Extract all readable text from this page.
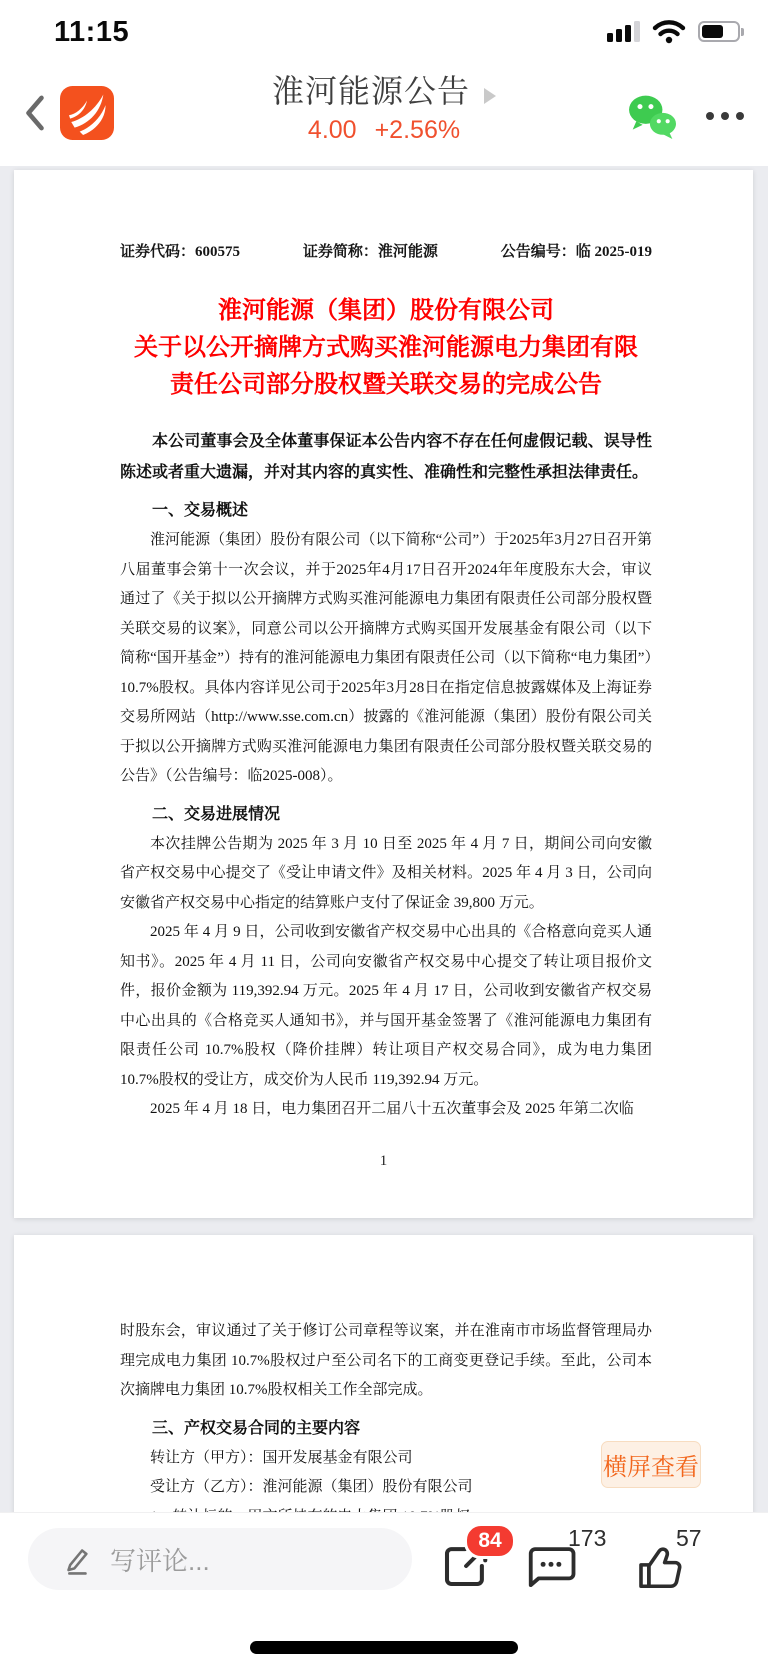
11:15
淮河能源公告
4.00 +2.56%
证券代码：600575	证券简称：淮河能源	公告编号：临 2025-019
淮河能源（集团）股份有限公司
关于以公开摘牌方式购买淮河能源电力集团有限
责任公司部分股权暨关联交易的完成公告

本公司董事会及全体董事保证本公告内容不存在任何虚假记载、误导性陈述或者重大遗漏，并对其内容的真实性、准确性和完整性承担法律责任。

一、交易概述

淮河能源（集团）股份有限公司（以下简称“公司”）于2025年3月27日召开第八届董事会第十一次会议，并于2025年4月17日召开2024年年度股东大会，审议通过了《关于拟以公开摘牌方式购买淮河能源电力集团有限责任公司部分股权暨关联交易的议案》，同意公司以公开摘牌方式购买国开发展基金有限公司（以下简称“国开基金”）持有的淮河能源电力集团有限责任公司（以下简称“电力集团”）10.7%股权。具体内容详见公司于2025年3月28日在指定信息披露媒体及上海证券交易所网站（http://www.sse.com.cn）披露的《淮河能源（集团）股份有限公司关于拟以公开摘牌方式购买淮河能源电力集团有限责任公司部分股权暨关联交易的公告》（公告编号：临2025-008）。

二、交易进展情况

本次挂牌公告期为 2025 年 3 月 10 日至 2025 年 4 月 7 日，期间公司向安徽省产权交易中心提交了《受让申请文件》及相关材料。2025 年 4 月 3 日，公司向安徽省产权交易中心指定的结算账户支付了保证金 39,800 万元。

2025 年 4 月 9 日，公司收到安徽省产权交易中心出具的《合格意向竞买人通知书》。2025 年 4 月 11 日，公司向安徽省产权交易中心提交了转让项目报价文件，报价金额为 119,392.94 万元。2025 年 4 月 17 日，公司收到安徽省产权交易中心出具的《合格竞买人通知书》，并与国开基金签署了《淮河能源电力集团有限责任公司 10.7%股权（降价挂牌）转让项目产权交易合同》，成为电力集团 10.7%股权的受让方，成交价为人民币 119,392.94 万元。

2025 年 4 月 18 日，电力集团召开二届八十五次董事会及 2025 年第二次临

1

时股东会，审议通过了关于修订公司章程等议案，并在淮南市市场监督管理局办理完成电力集团 10.7%股权过户至公司名下的工商变更登记手续。至此，公司本次摘牌电力集团 10.7%股权相关工作全部完成。

三、产权交易合同的主要内容

转让方（甲方）：国开发展基金有限公司

受让方（乙方）：淮河能源（集团）股份有限公司

横屏查看
写评论...
84	173	57
